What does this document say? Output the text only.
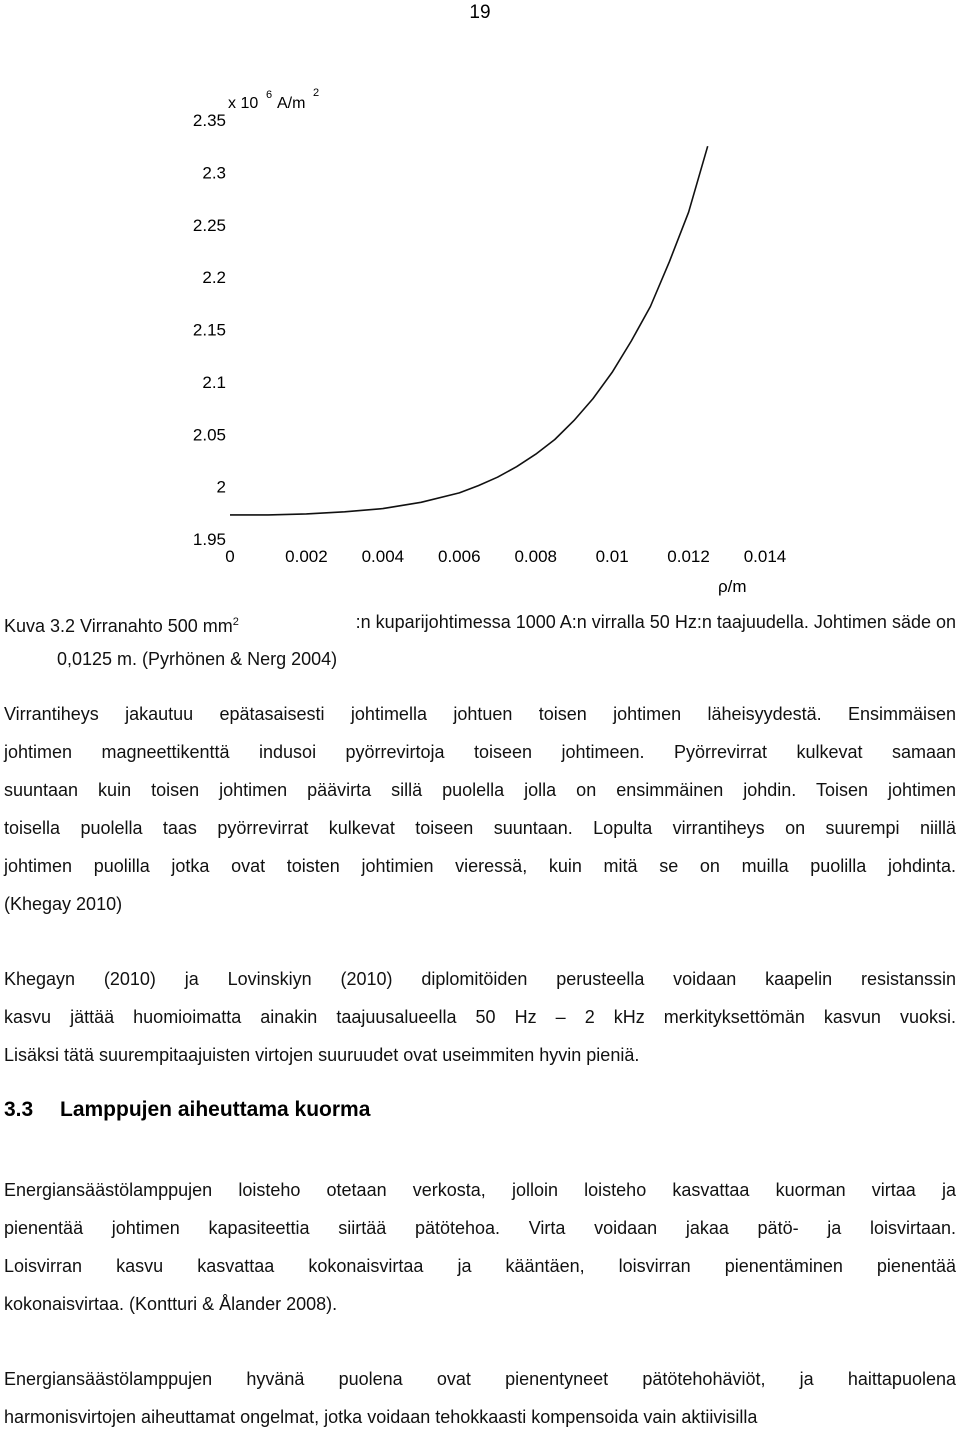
19
1.95
2
2.05
2.1
2.15
2.2
2.25
2.3
2.35
0	0.002 0.004 0.006 0.008 0.01 0.012 0.014
x 10 6 A/m
2
ρ/m
Kuva 3.2 Virranahto 500 $mm^2$	:n kuparijohtimessa 1000 A:n virralla 50 Hz:n taajuudella. Johtimen säde on
0,0125 m. (Pyrhönen & Nerg 2004)
Virrantiheys jakautuu epätasaisesti johtimella johtuen toisen johtimen läheisyydestä. Ensimmäisen
johtimen magneettikenttä indusoi pyörrevirtoja toiseen johtimeen. Pyörrevirrat kulkevat samaan
suuntaan kuin toisen johtimen päävirta sillä puolella jolla on ensimmäinen johdin. Toisen johtimen
toisella puolella taas pyörrevirrat kulkevat toiseen suuntaan. Lopulta virrantiheys on suurempi niillä
johtimen puolilla jotka ovat toisten johtimien vieressä, kuin mitä se on muilla puolilla johdinta.
(Khegay 2010)
Khegayn (2010) ja Lovinskiyn (2010) diplomitöiden perusteella voidaan kaapelin resistanssin
kasvu jättää huomioimatta ainakin taajuusalueella 50 Hz – 2 kHz merkityksettömän kasvun vuoksi.
Lisäksi tätä suurempitaajuisten virtojen suuruudet ovat useimmiten hyvin pieniä.
3.3 Lamppujen aiheuttama kuorma
Energiansäästölamppujen loisteho otetaan verkosta, jolloin loisteho kasvattaa kuorman virtaa ja
pienentää johtimen kapasiteettia siirtää pätötehoa. Virta voidaan jakaa pätö- ja loisvirtaan.
Loisvirran kasvu kasvattaa kokonaisvirtaa ja kääntäen, loisvirran pienentäminen pienentää
kokonaisvirtaa. (Kontturi & Ålander 2008).
Energiansäästölamppujen hyvänä puolena ovat pienentyneet pätötehohäviöt, ja haittapuolena
harmonisvirtojen aiheuttamat ongelmat, jotka voidaan tehokkaasti kompensoida vain aktiivisilla
